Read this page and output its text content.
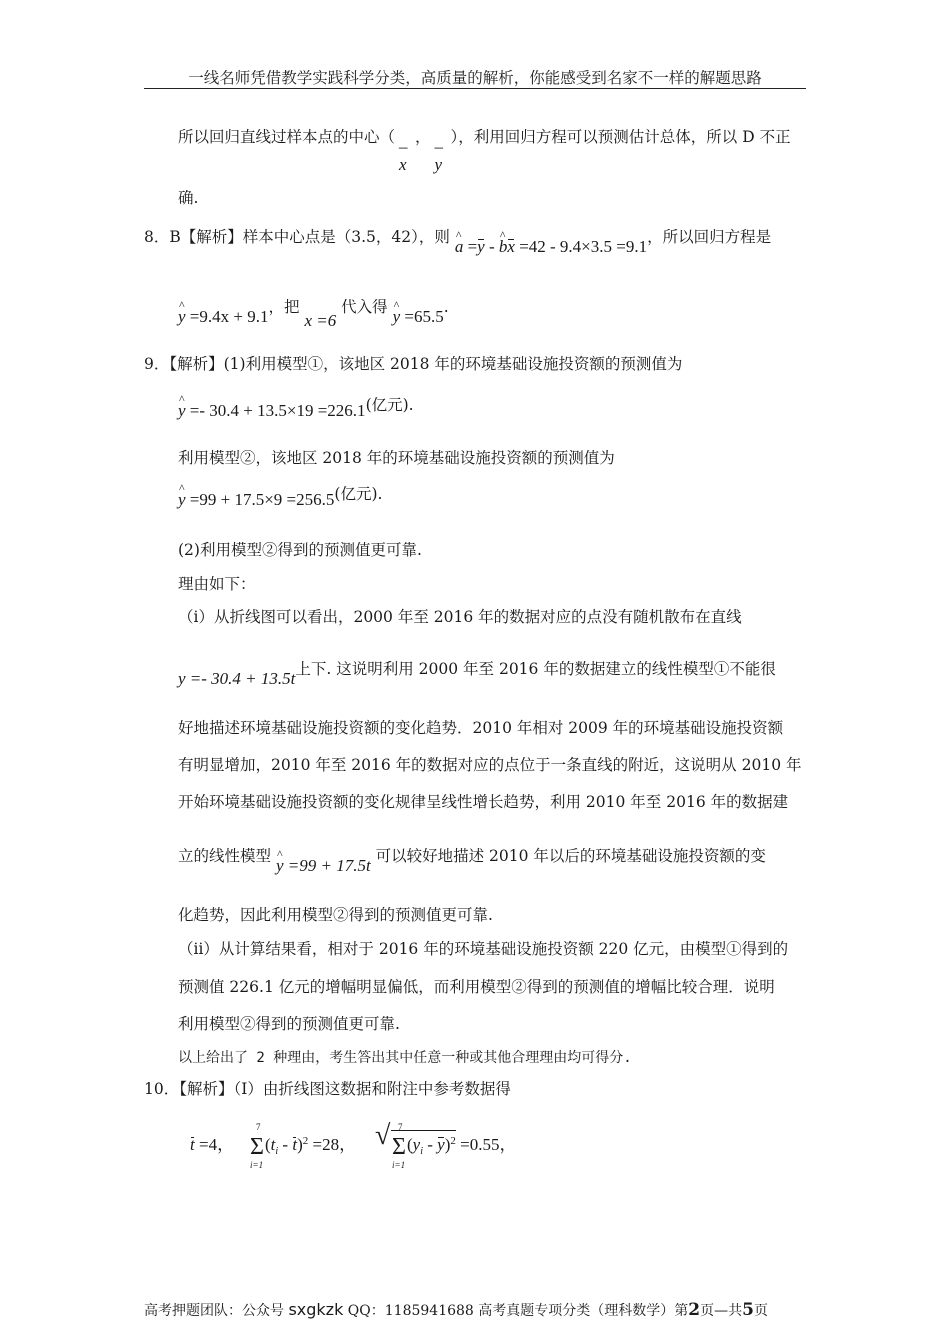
一线名师凭借教学实践科学分类，高质量的解析，你能感受到名家不一样的解题思路
所以回归直线过样本点的中心（ –
x
， –
y
），利用回归方程可以预测估计总体，所以 D 不正
确.
8．B【解析】样本中心点是（3.5，42），则 ^ a =y - ^ bx =42 - 9.4×3.5 =9.1，所以回归方程是
^ y =9.4x + 9.1，把 x =6 代入得 ^ y =65.5.
9．【解析】(1)利用模型①，该地区 2018 年的环境基础设施投资额的预测值为
^ y =- 30.4 + 13.5×19 =226.1(亿元).
利用模型②，该地区 2018 年的环境基础设施投资额的预测值为
^ y =99 + 17.5×9 =256.5(亿元).
(2)利用模型②得到的预测值更可靠.
理由如下：
（ⅰ）从折线图可以看出，2000 年至 2016 年的数据对应的点没有随机散布在直线
y =- 30.4 + 13.5t上下. 这说明利用 2000 年至 2016 年的数据建立的线性模型①不能很
好地描述环境基础设施投资额的变化趋势．2010 年相对 2009 年的环境基础设施投资额
有明显增加，2010 年至 2016 年的数据对应的点位于一条直线的附近，这说明从 2010 年
开始环境基础设施投资额的变化规律呈线性增长趋势，利用 2010 年至 2016 年的数据建
立的线性模型 ^ y =99 + 17.5t 可以较好地描述 2010 年以后的环境基础设施投资额的变
化趋势，因此利用模型②得到的预测值更可靠.
（ⅱ）从计算结果看，相对于 2016 年的环境基础设施投资额 220 亿元，由模型①得到的
预测值 226.1 亿元的增幅明显偏低，而利用模型②得到的预测值的增幅比较合理．说明
利用模型②得到的预测值更可靠.
以上给出了 2 种理由，考生答出其中任意一种或其他合理理由均可得分.
10．【解析】（Ⅰ）由折线图这数据和附注中参考数据得
t =4， Σ
7
i=1
$(t_i - t)^2 =28$， √ Σ
7
i=1
$(y_i - y)^2 =0.55$，
高考押题团队：公众号 sxgkzk QQ：1185941688 高考真题专项分类（理科数学）第2页—共5页
